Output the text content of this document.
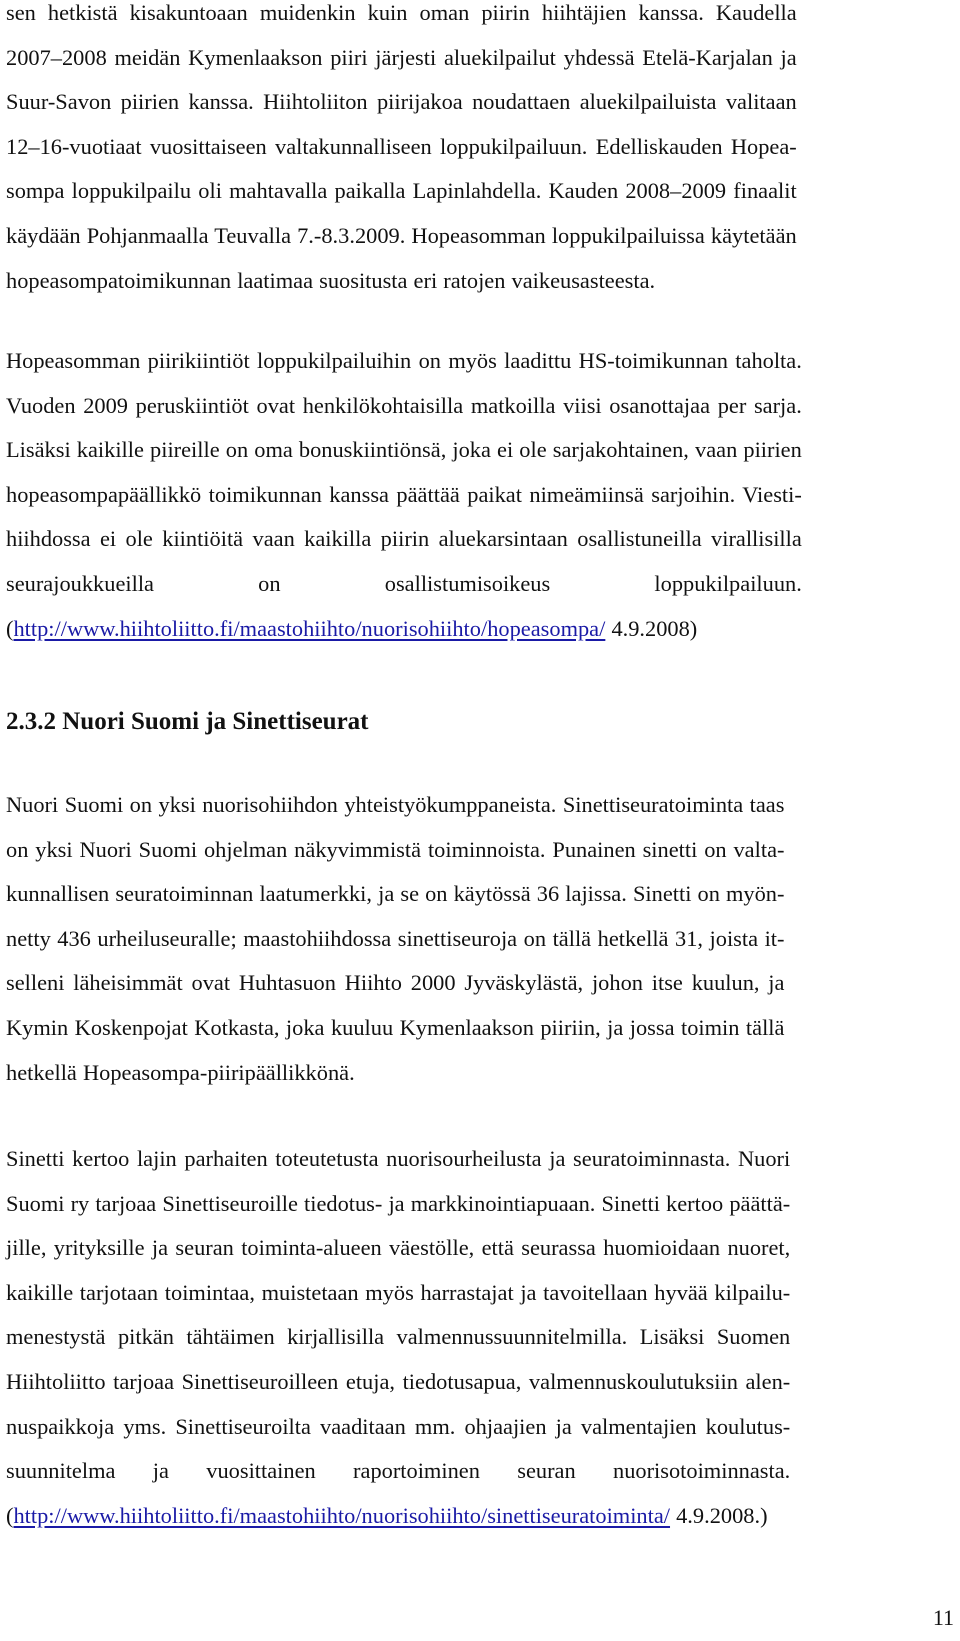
sen hetkistä kisakuntoaan muidenkin kuin oman piirin hiihtäjien kanssa. Kaudella
2007–2008 meidän Kymenlaakson piiri järjesti aluekilpailut yhdessä Etelä-Karjalan ja
Suur-Savon piirien kanssa. Hiihtoliiton piirijakoa noudattaen aluekilpailuista valitaan
12–16-vuotiaat vuosittaiseen valtakunnalliseen loppukilpailuun. Edelliskauden Hopea-
sompa loppukilpailu oli mahtavalla paikalla Lapinlahdella. Kauden 2008–2009 finaalit
käydään Pohjanmaalla Teuvalla 7.-8.3.2009. Hopeasomman loppukilpailuissa käytetään
hopeasompatoimikunnan laatimaa suositusta eri ratojen vaikeusasteesta.

Hopeasomman piirikiintiöt loppukilpailuihin on myös laadittu HS-toimikunnan taholta.
Vuoden 2009 peruskiintiöt ovat henkilökohtaisilla matkoilla viisi osanottajaa per sarja.
Lisäksi kaikille piireille on oma bonuskiintiönsä, joka ei ole sarjakohtainen, vaan piirien
hopeasompapäällikkö toimikunnan kanssa päättää paikat nimeämiinsä sarjoihin. Viesti-
hiihdossa ei ole kiintiöitä vaan kaikilla piirin aluekarsintaan osallistuneilla virallisilla
seurajoukkueilla on osallistumisoikeus loppukilpailuun.
(http://www.hiihtoliitto.fi/maastohiihto/nuorisohiihto/hopeasompa/ 4.9.2008)

2.3.2 Nuori Suomi ja Sinettiseurat

Nuori Suomi on yksi nuorisohiihdon yhteistyökumppaneista. Sinettiseuratoiminta taas
on yksi Nuori Suomi ohjelman näkyvimmistä toiminnoista. Punainen sinetti on valta-
kunnallisen seuratoiminnan laatumerkki, ja se on käytössä 36 lajissa. Sinetti on myön-
netty 436 urheiluseuralle; maastohiihdossa sinettiseuroja on tällä hetkellä 31, joista it-
selleni läheisimmät ovat Huhtasuon Hiihto 2000 Jyväskylästä, johon itse kuulun, ja
Kymin Koskenpojat Kotkasta, joka kuuluu Kymenlaakson piiriin, ja jossa toimin tällä
hetkellä Hopeasompa-piiripäällikkönä.

Sinetti kertoo lajin parhaiten toteutetusta nuorisourheilusta ja seuratoiminnasta. Nuori
Suomi ry tarjoaa Sinettiseuroille tiedotus- ja markkinointiapuaan. Sinetti kertoo päättä-
jille, yrityksille ja seuran toiminta-alueen väestölle, että seurassa huomioidaan nuoret,
kaikille tarjotaan toimintaa, muistetaan myös harrastajat ja tavoitellaan hyvää kilpailu-
menestystä pitkän tähtäimen kirjallisilla valmennussuunnitelmilla. Lisäksi Suomen
Hiihtoliitto tarjoaa Sinettiseuroilleen etuja, tiedotusapua, valmennuskoulutuksiin alen-
nuspaikkoja yms. Sinettiseuroilta vaaditaan mm. ohjaajien ja valmentajien koulutus-
suunnitelma ja vuosittainen raportoiminen seuran nuorisotoiminnasta.
(http://www.hiihtoliitto.fi/maastohiihto/nuorisohiihto/sinettiseuratoiminta/ 4.9.2008.)

11
